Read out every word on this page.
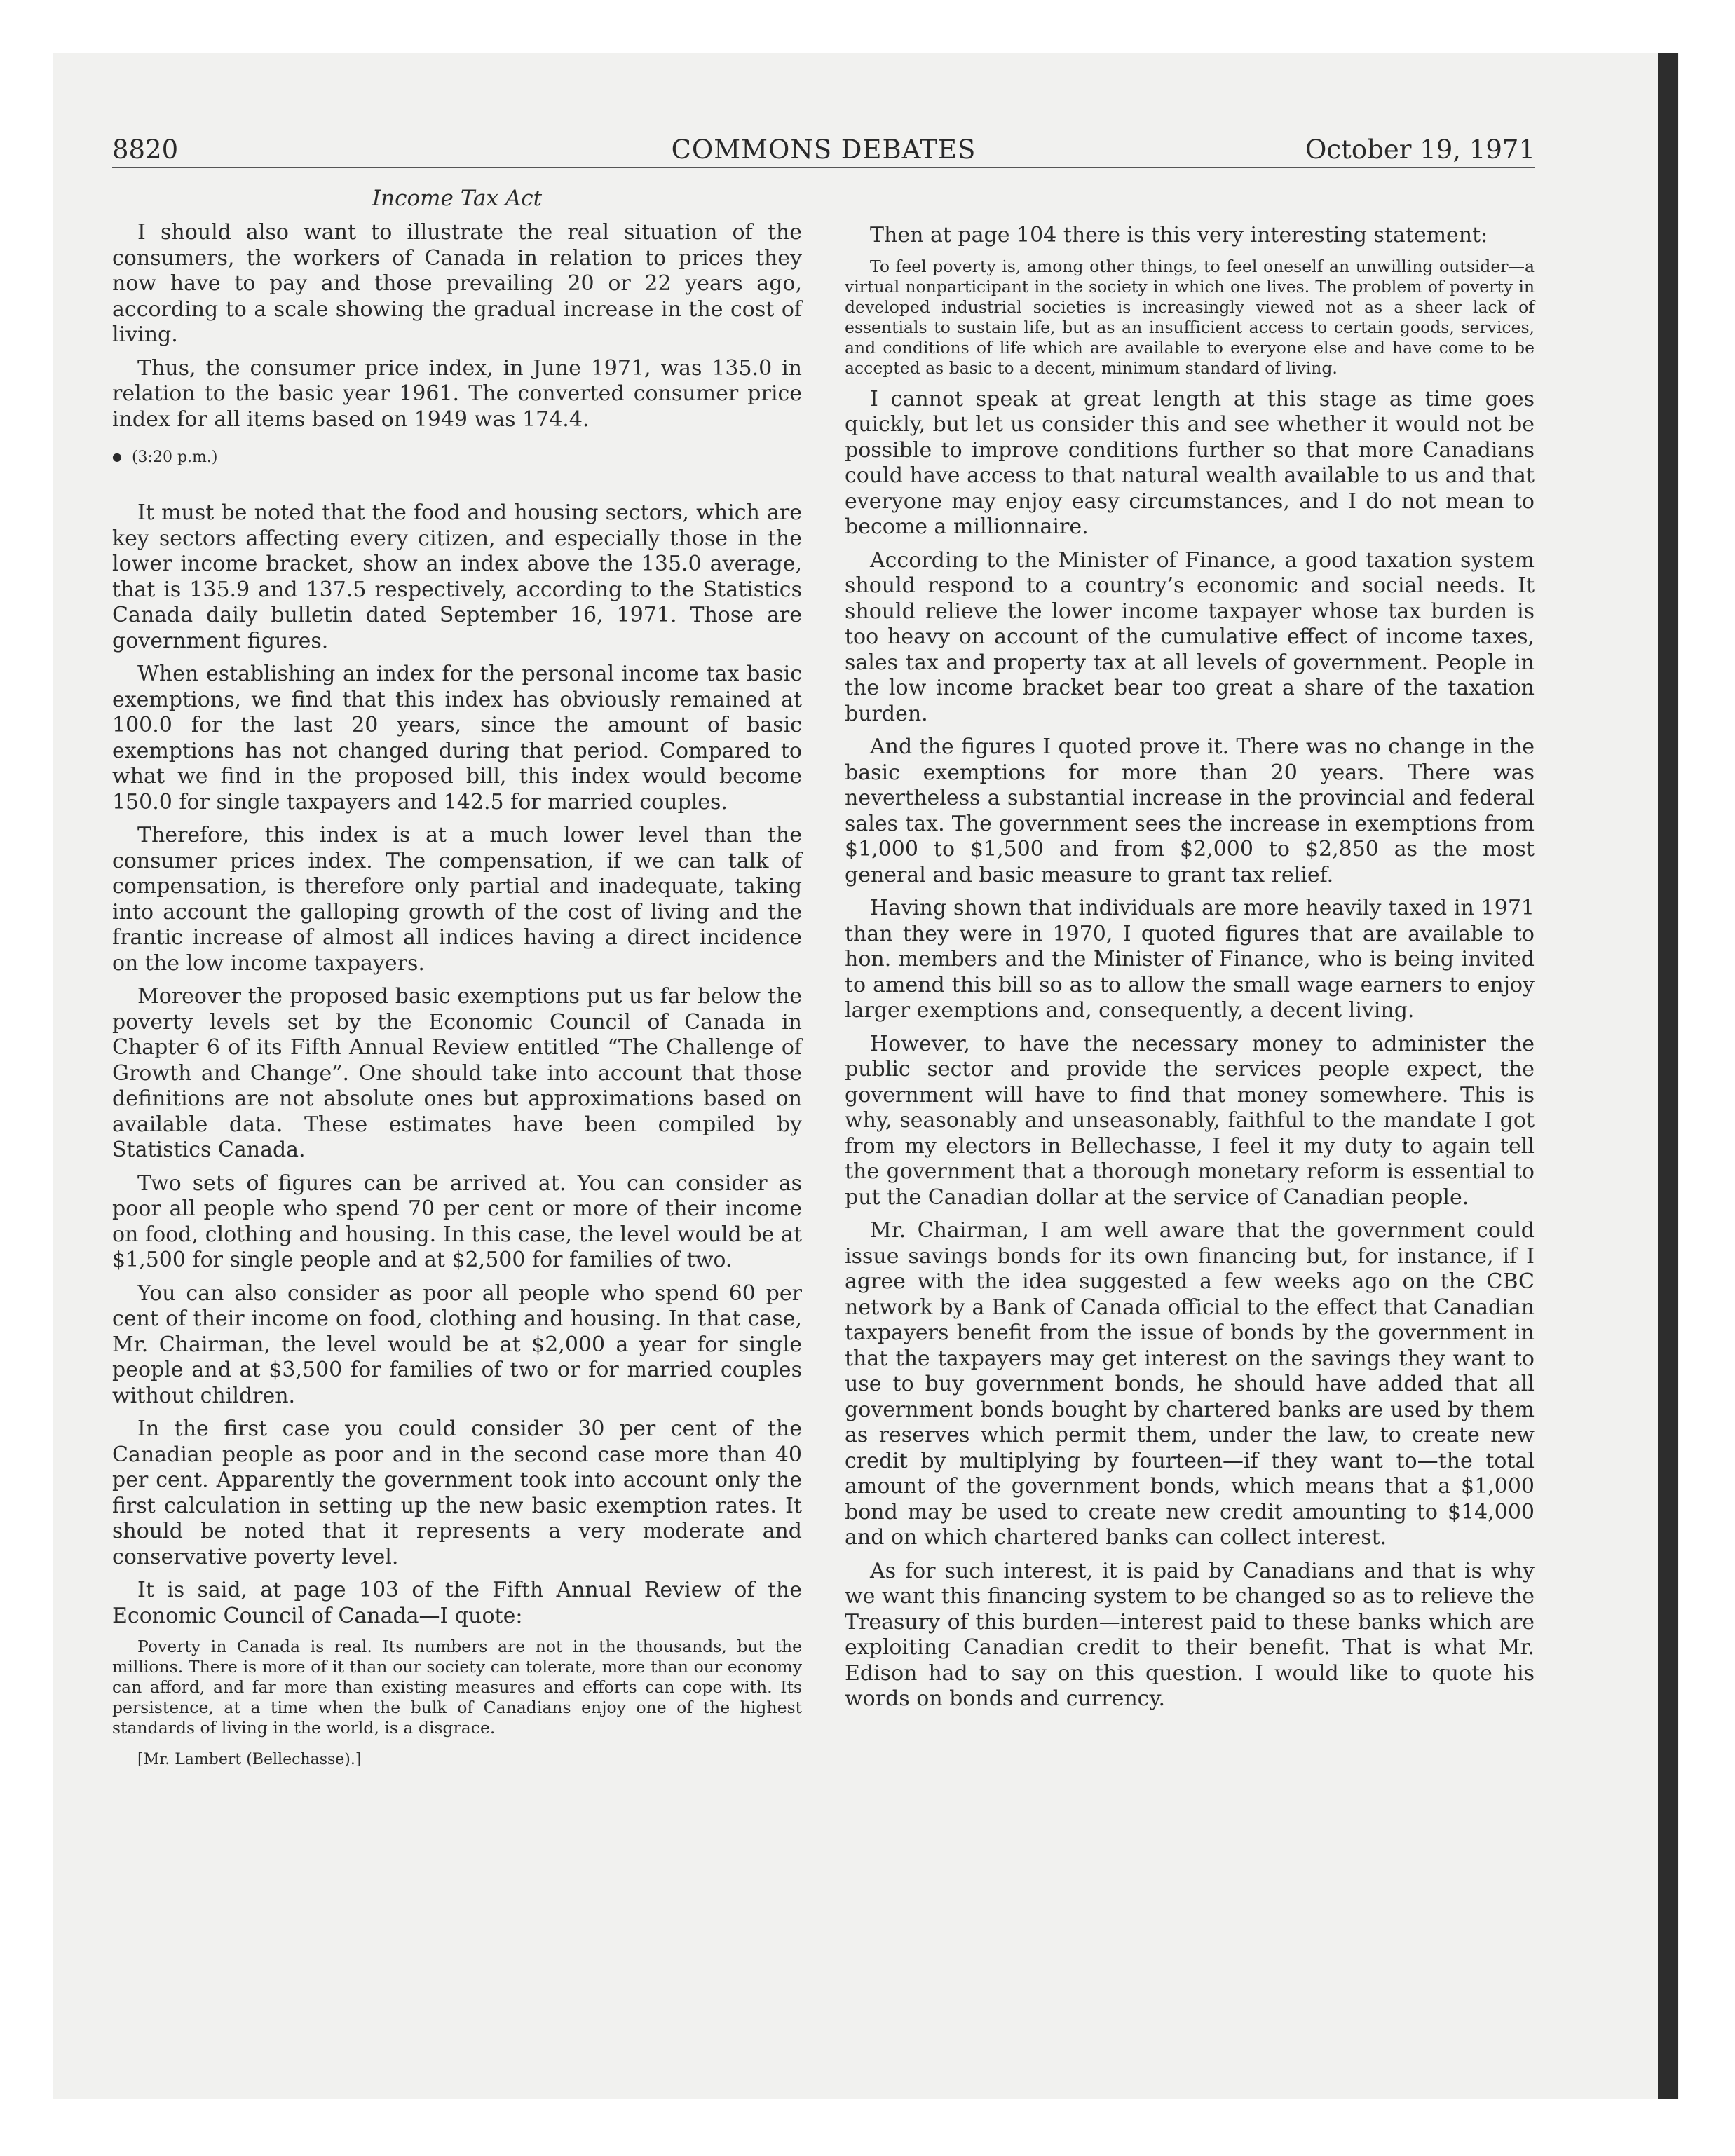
8820	COMMONS DEBATES	October 19, 1971
Income Tax Act

I should also want to illustrate the real situation of the consumers, the workers of Canada in relation to prices they now have to pay and those prevailing 20 or 22 years ago, according to a scale showing the gradual increase in the cost of living.

Thus, the consumer price index, in June 1971, was 135.0 in relation to the basic year 1961. The converted consumer price index for all items based on 1949 was 174.4.

● (3:20 p.m.)

It must be noted that the food and housing sectors, which are key sectors affecting every citizen, and especially those in the lower income bracket, show an index above the 135.0 average, that is 135.9 and 137.5 respectively, according to the Statistics Canada daily bulletin dated September 16, 1971. Those are government figures.

When establishing an index for the personal income tax basic exemptions, we find that this index has obviously remained at 100.0 for the last 20 years, since the amount of basic exemptions has not changed during that period. Compared to what we find in the proposed bill, this index would become 150.0 for single taxpayers and 142.5 for married couples.

Therefore, this index is at a much lower level than the consumer prices index. The compensation, if we can talk of compensation, is therefore only partial and inadequate, taking into account the galloping growth of the cost of living and the frantic increase of almost all indices having a direct incidence on the low income taxpayers.

Moreover the proposed basic exemptions put us far below the poverty levels set by the Economic Council of Canada in Chapter 6 of its Fifth Annual Review entitled “The Challenge of Growth and Change”. One should take into account that those definitions are not absolute ones but approximations based on available data. These estimates have been compiled by Statistics Canada.

Two sets of figures can be arrived at. You can consider as poor all people who spend 70 per cent or more of their income on food, clothing and housing. In this case, the level would be at $1,500 for single people and at $2,500 for families of two.

You can also consider as poor all people who spend 60 per cent of their income on food, clothing and housing. In that case, Mr. Chairman, the level would be at $2,000 a year for single people and at $3,500 for families of two or for married couples without children.

In the first case you could consider 30 per cent of the Canadian people as poor and in the second case more than 40 per cent. Apparently the government took into account only the first calculation in setting up the new basic exemption rates. It should be noted that it represents a very moderate and conservative poverty level.

It is said, at page 103 of the Fifth Annual Review of the Economic Council of Canada—I quote:

Poverty in Canada is real. Its numbers are not in the thousands, but the millions. There is more of it than our society can tolerate, more than our economy can afford, and far more than existing measures and efforts can cope with. Its persistence, at a time when the bulk of Canadians enjoy one of the highest standards of living in the world, is a disgrace.

[Mr. Lambert (Bellechasse).]

Then at page 104 there is this very interesting statement:

To feel poverty is, among other things, to feel oneself an unwilling outsider—a virtual nonparticipant in the society in which one lives. The problem of poverty in developed industrial societies is increasingly viewed not as a sheer lack of essentials to sustain life, but as an insufficient access to certain goods, services, and conditions of life which are available to everyone else and have come to be accepted as basic to a decent, minimum standard of living.

I cannot speak at great length at this stage as time goes quickly, but let us consider this and see whether it would not be possible to improve conditions further so that more Canadians could have access to that natural wealth available to us and that everyone may enjoy easy circumstances, and I do not mean to become a millionnaire.

According to the Minister of Finance, a good taxation system should respond to a country’s economic and social needs. It should relieve the lower income taxpayer whose tax burden is too heavy on account of the cumulative effect of income taxes, sales tax and property tax at all levels of government. People in the low income bracket bear too great a share of the taxation burden.

And the figures I quoted prove it. There was no change in the basic exemptions for more than 20 years. There was nevertheless a substantial increase in the provincial and federal sales tax. The government sees the increase in exemptions from $1,000 to $1,500 and from $2,000 to $2,850 as the most general and basic measure to grant tax relief.

Having shown that individuals are more heavily taxed in 1971 than they were in 1970, I quoted figures that are available to hon. members and the Minister of Finance, who is being invited to amend this bill so as to allow the small wage earners to enjoy larger exemptions and, consequently, a decent living.

However, to have the necessary money to administer the public sector and provide the services people expect, the government will have to find that money somewhere. This is why, seasonably and unseasonably, faithful to the mandate I got from my electors in Bellechasse, I feel it my duty to again tell the government that a thorough monetary reform is essential to put the Canadian dollar at the service of Canadian people.

Mr. Chairman, I am well aware that the government could issue savings bonds for its own financing but, for instance, if I agree with the idea suggested a few weeks ago on the CBC network by a Bank of Canada official to the effect that Canadian taxpayers benefit from the issue of bonds by the government in that the taxpayers may get interest on the savings they want to use to buy government bonds, he should have added that all government bonds bought by chartered banks are used by them as reserves which permit them, under the law, to create new credit by multiplying by fourteen—if they want to—the total amount of the government bonds, which means that a $1,000 bond may be used to create new credit amounting to $14,000 and on which chartered banks can collect interest.

As for such interest, it is paid by Canadians and that is why we want this financing system to be changed so as to relieve the Treasury of this burden—interest paid to these banks which are exploiting Canadian credit to their benefit. That is what Mr. Edison had to say on this question. I would like to quote his words on bonds and currency.
